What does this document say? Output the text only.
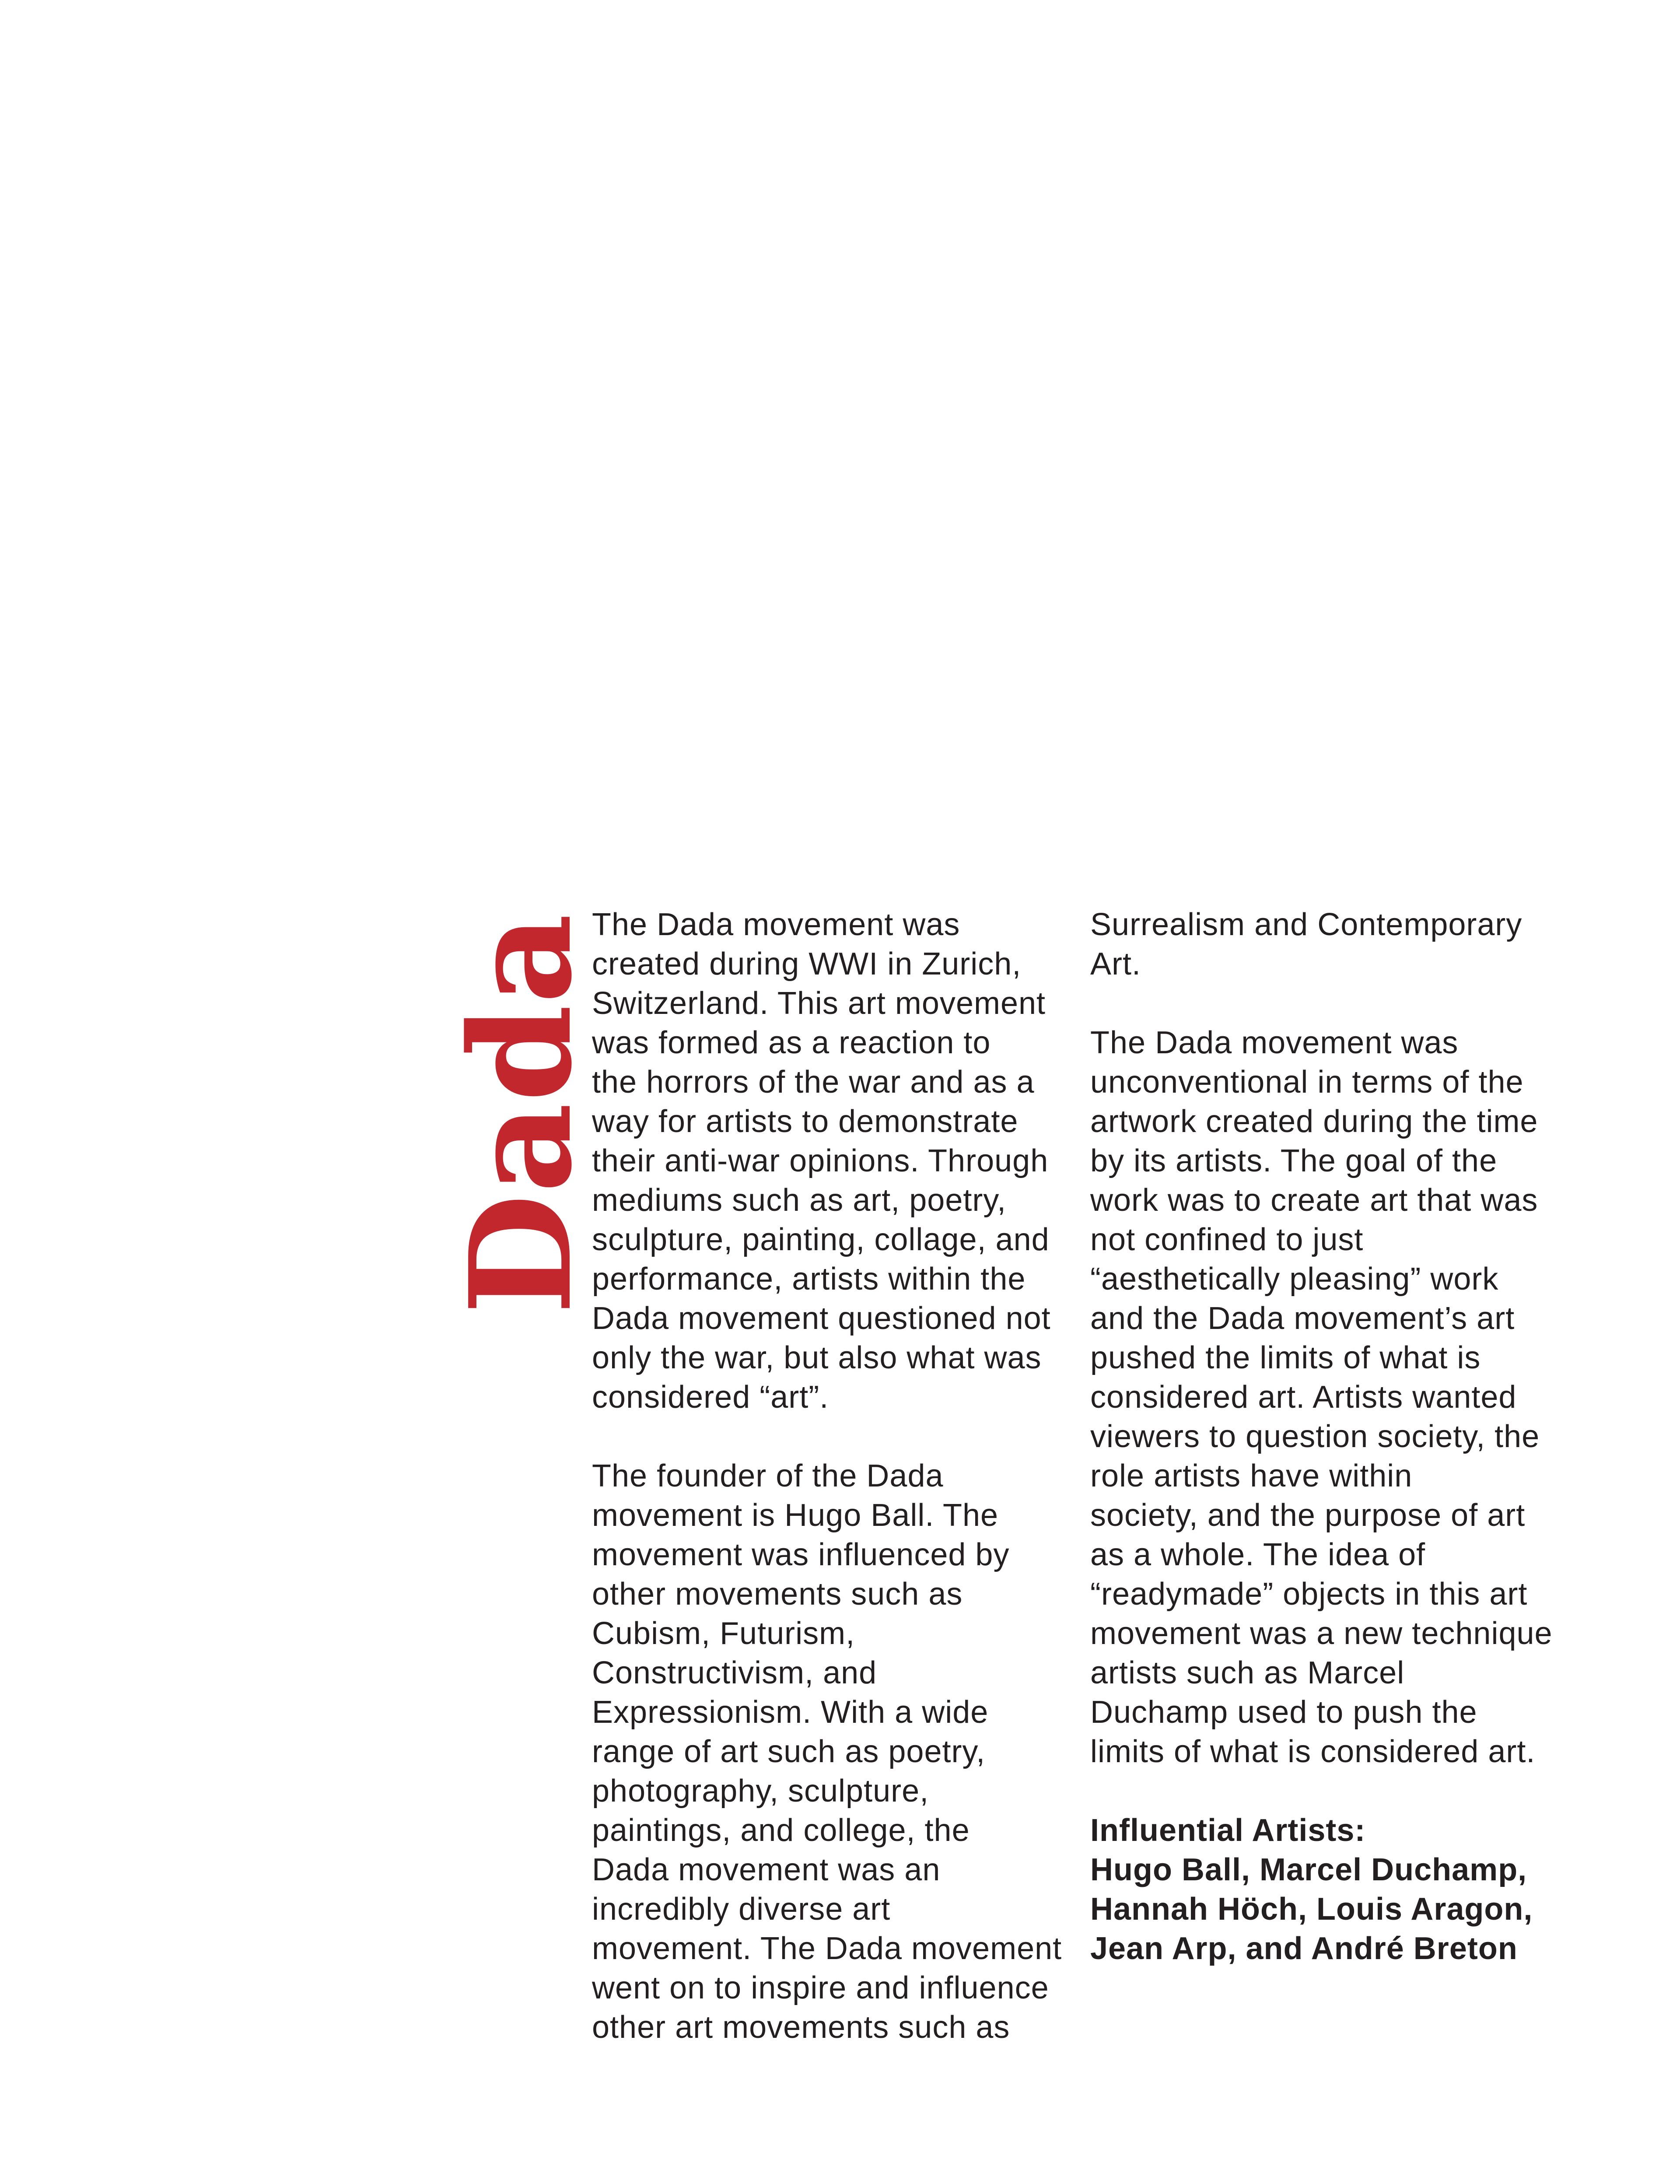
Dada

The Dada movement was
created during WWI in Zurich,
Switzerland. This art movement
was formed as a reaction to
the horrors of the war and as a
way for artists to demonstrate
their anti-war opinions. Through
mediums such as art, poetry,
sculpture, painting, collage, and
performance, artists within the
Dada movement questioned not
only the war, but also what was
considered “art”.

The founder of the Dada
movement is Hugo Ball. The
movement was influenced by
other movements such as
Cubism, Futurism,
Constructivism, and
Expressionism. With a wide
range of art such as poetry,
photography, sculpture,
paintings, and college, the
Dada movement was an
incredibly diverse art
movement. The Dada movement
went on to inspire and influence
other art movements such as

Surrealism and Contemporary
Art.

The Dada movement was
unconventional in terms of the
artwork created during the time
by its artists. The goal of the
work was to create art that was
not confined to just
“aesthetically pleasing” work
and the Dada movement’s art
pushed the limits of what is
considered art. Artists wanted
viewers to question society, the
role artists have within
society, and the purpose of art
as a whole. The idea of
“readymade” objects in this art
movement was a new technique
artists such as Marcel
Duchamp used to push the
limits of what is considered art.

Influential Artists:
Hugo Ball, Marcel Duchamp,
Hannah Höch, Louis Aragon,
Jean Arp, and André Breton
